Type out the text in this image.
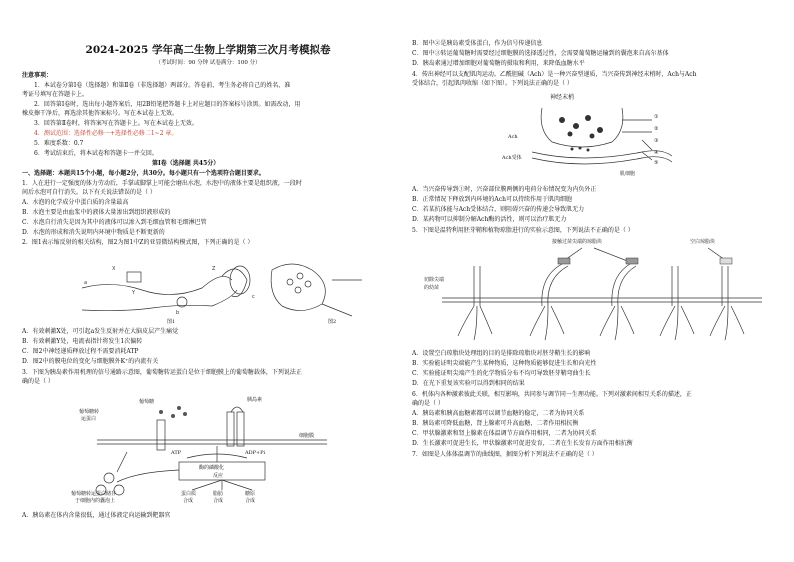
2024-2025 学年高二生物上学期第三次月考模拟卷
（考试时间：90 分钟 试卷满分：100 分）
注意事项：
1．本试卷分第Ⅰ卷（选择题）和第Ⅱ卷（非选择题）两部分。答卷前，考生务必将自己的姓名、准
考证号填写在答题卡上。
2．回答第Ⅰ卷时，选出每小题答案后，用2B铅笔把答题卡上对应题目的答案标号涂黑。如需改动，用
橡皮擦干净后，再选涂其他答案标号。写在本试卷上无效。
3．回答第Ⅱ卷时，将答案写在答题卡上。写在本试卷上无效。
4．测试范围：选择性必修一+选择性必修二1~2 章。
5．难度系数：0.7
6．考试结束后，将本试卷和答题卡一并交回。
第Ⅰ卷（选择题 共45分）
一、选择题：本题共15个小题，每小题2分，共30分。每小题只有一个选项符合题目要求。
1．人在进行一定强度的体力劳动后，手掌或脚掌上可能会磨出水泡，水泡中的液体主要是组织液，一段时
间后水泡可自行消失。以下有关说法错误的是（ ）
A．水泡的化学成分中蛋白质的含量最高
B．水泡主要是由血浆中的液体大量渗出到组织液形成的
C．水泡自行消失是因为其中的液体可以渗入到毛细血管和毛细淋巴管
D．水泡的形成和消失说明内环境中物质是不断更新的
2．图1表示缩反射的相关结构，图2为图1中Z的亚显微结构模式图，下列正确的是（ ）
X
Y
a
b
Z
c
图1	图2
A．有效刺激X处，可引起a发生反射并在大脑皮层产生痛觉
B．有效刺激Y处，电流表指针将发生1次偏转
C．图2中神经递质释放过程不需要消耗ATP
D．图2中的膜电位的变化与细胞膜外K⁺的内流有关
3．下图为胰岛素作用机理的信号通路示意图，葡萄糖转运蛋白是位于细胞膜上的葡萄糖载体，下列说法正
确的是（ ）
葡萄糖转
运蛋白
葡萄糖	胰岛素
细胞膜
ATP	ADP+Pi
酶的磷酸化
反应
葡萄糖转运蛋白储存
于细胞内的囊泡上
蛋白质
合成
脂肪
合成
糖原
合成
A．胰岛素在体内含量很低，通过体液定向运输到靶器官
B．图中②是胰岛素受体蛋白，作为信号传递信息
C．图中③转运葡萄糖时需要经过细胞膜的选择透过性，会需要葡萄糖运输到的囊泡来自高尔基体
D．胰岛素通过增加细胞对葡萄糖的摄取和利用，来降低血糖水平
4．传出神经可以支配肌肉运动。乙酰胆碱（Ach）是一种兴奋型递质，当兴奋传到神经末梢时，Ach与Ach
受体结合，引起肌肉收缩（如下图）。下列说法正确的是（ ）
神经末梢
Ach
Ach受体
肌细胞
①
②
③
④
⑤
A．当兴奋传导到①时，兴奋部位膜两侧的电荷分布情况变为内负外正
B．正常情况下释放到内环境的Ach可以持续作用于肌肉细胞
C．若某抗体能与Ach受体结合，则阻碍兴奋的传递会导致肌无力
D．某药物可以抑制分解Ach酶的活性，则可以治疗肌无力
5．下图是温特利用胚芽鞘和植物琼脂进行的实验示意图，下列说法不正确的是（ ）
接触过苗尖端的琼脂块	空白琼脂块
切除尖端
的幼苗
A．设置空白琼脂块处理组的目的是排除琼脂块对胚芽鞘生长的影响
B．实验能证明尖端能产生某种物质，这种物质能够促进生长和向光性
C．实验能证明尖端产生的化学物质分布不均可导致胚芽鞘弯曲生长
D．在光下重复该实验可以得到相同的结果
6．机体内各种激素彼此关联，相互影响，共同参与调节同一生理功能。下列对激素间相互关系的描述，正
确的是（ ）
A．胰岛素和胰高血糖素都可以调节血糖的稳定，二者为协同关系
B．胰岛素可降低血糖，肾上腺素可升高血糖，二者作用相抗衡
C．甲状腺激素和肾上腺素在体温调节方面作用相同，二者为协同关系
D．生长激素可促进生长，甲状腺激素可促进发育，二者在生长发育方面作用相抗衡
7．如图是人体体温调节的曲线图，据图分析下列说法不正确的是（ ）
